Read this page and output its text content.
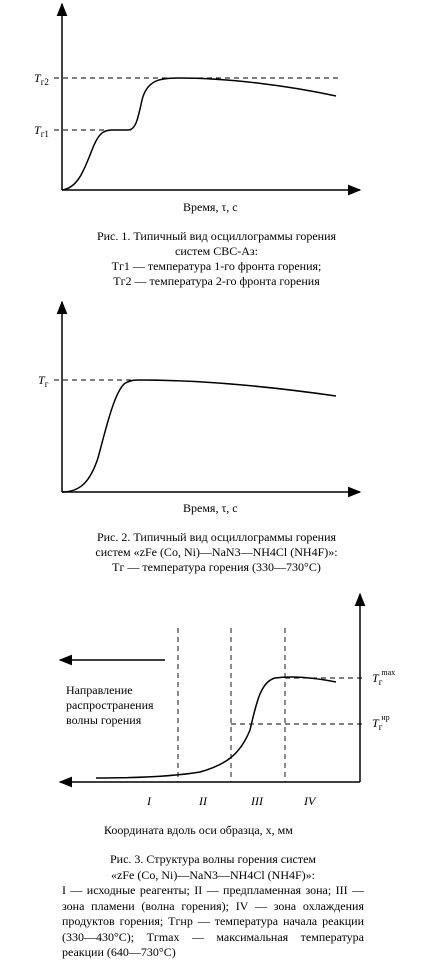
$T_{г2}$
$T_{г1}$
Время, τ, с
Рис. 1. Типичный вид осциллограммы горения
систем СВС-Аз:
Tг1 — температура 1-го фронта горения;
Tг2 — температура 2-го фронта горения
$T_г$
Время, τ, с
Рис. 2. Типичный вид осциллограммы горения
систем «zFe (Co, Ni)—NaN3—NH4Cl (NH4F)»:
Tг — температура горения (330—730°C)
Направление
распространения
волны горения
$T_г\max$
$T_гнр$
I	II	III	IV
Координата вдоль оси образца, x, мм
Рис. 3. Структура волны горения систем
«zFe (Co, Ni)—NaN3—NH4Cl (NH4F)»:
I — исходные реагенты; II — предпламенная зона; III — зона пламени (волна горения); IV — зона охлаждения продуктов горения; Tгнр — температура начала реакции (330—430°C); Tгmax — максимальная температура реакции (640—730°C)
